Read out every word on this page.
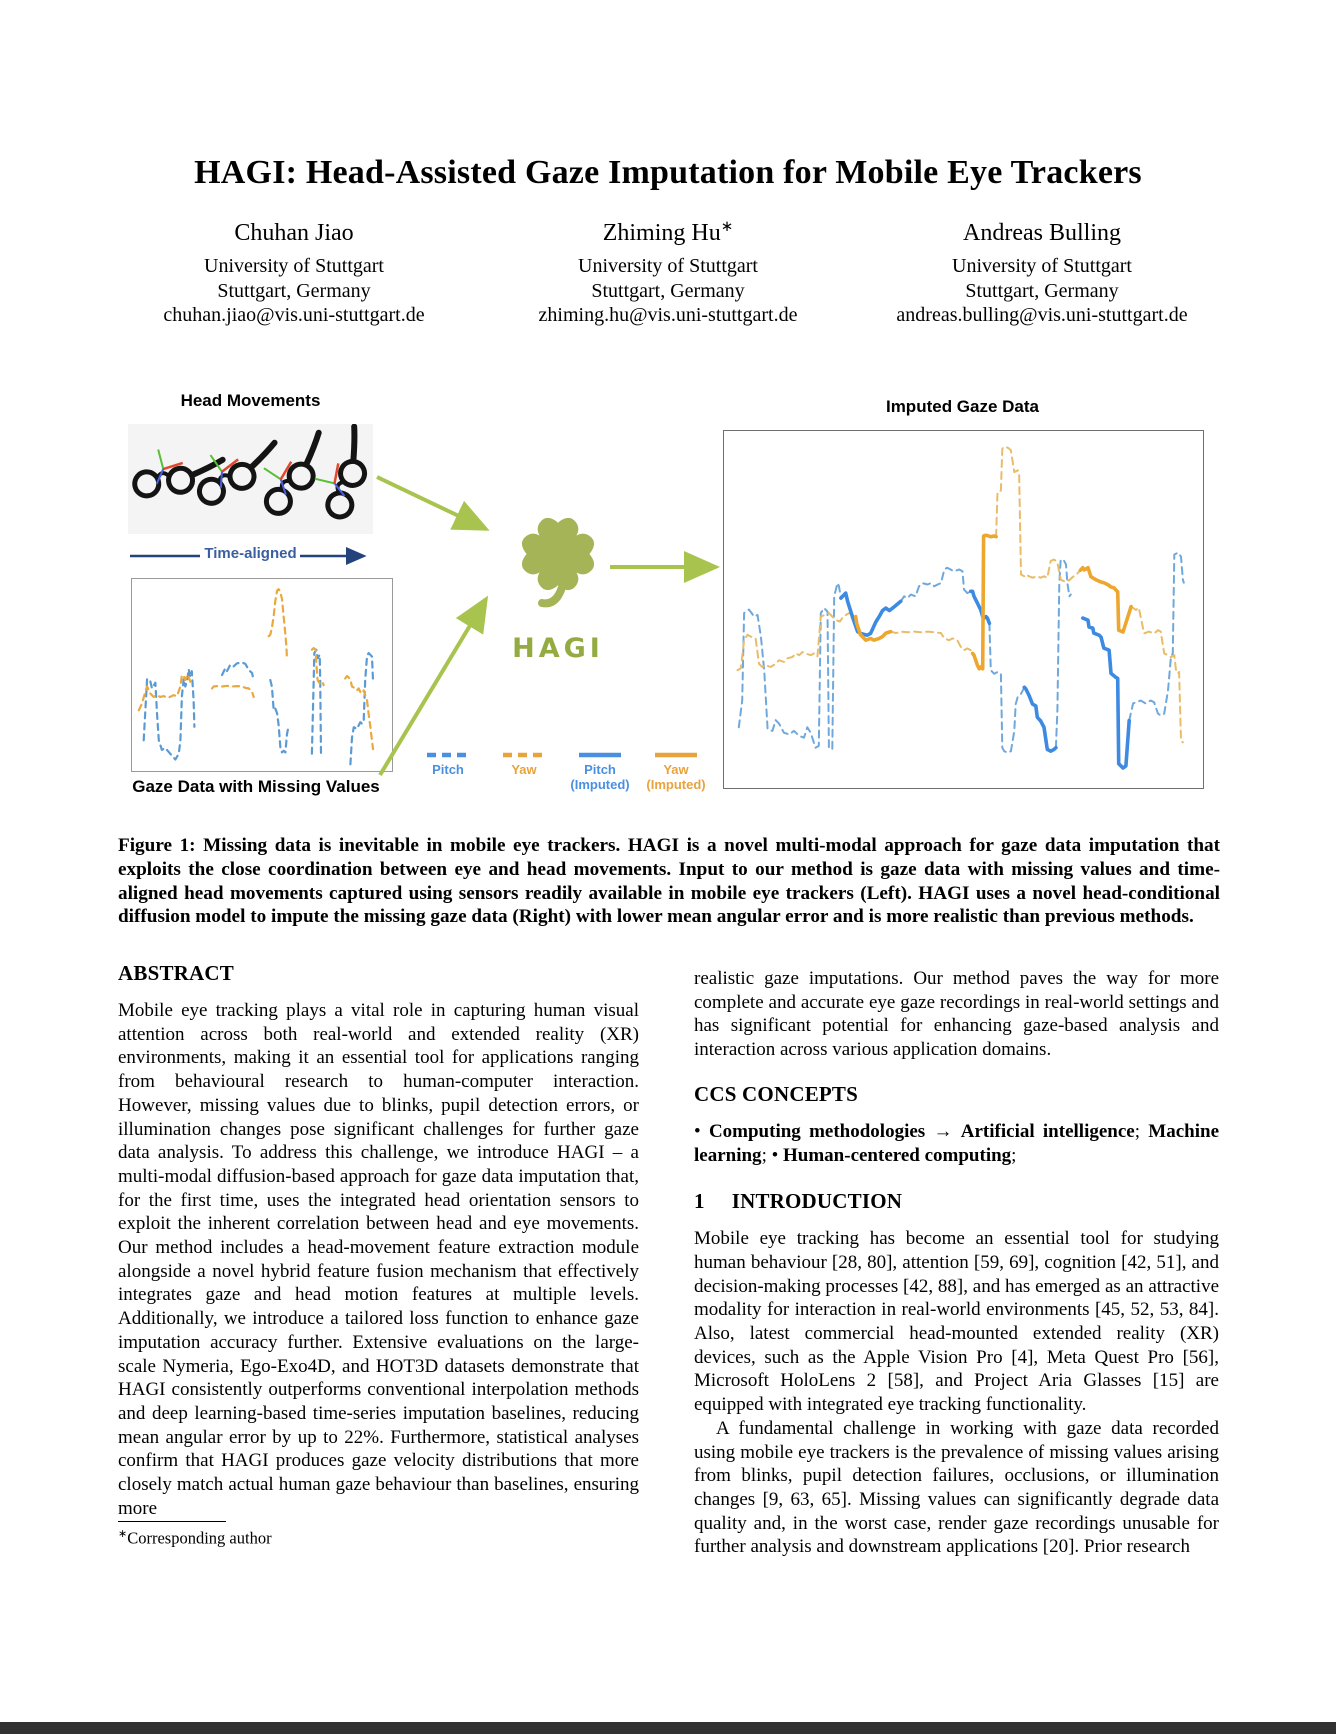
HAGI: Head-Assisted Gaze Imputation for Mobile Eye Trackers
Chuhan Jiao
University of Stuttgart
Stuttgart, Germany
chuhan.jiao@vis.uni-stuttgart.de
Zhiming Hu∗
University of Stuttgart
Stuttgart, Germany
zhiming.hu@vis.uni-stuttgart.de
Andreas Bulling
University of Stuttgart
Stuttgart, Germany
andreas.bulling@vis.uni-stuttgart.de
Head Movements
Time-aligned
Gaze Data with Missing Values
HAGI
Pitch	Yaw	Pitch
(Imputed)
Yaw
(Imputed)
Imputed Gaze Data

Figure 1: Missing data is inevitable in mobile eye trackers. HAGI is a novel multi-modal approach for gaze data imputation that exploits the close coordination between eye and head movements. Input to our method is gaze data with missing values and time-aligned head movements captured using sensors readily available in mobile eye trackers (Left). HAGI uses a novel head-conditional diffusion model to impute the missing gaze data (Right) with lower mean angular error and is more realistic than previous methods.

ABSTRACT

Mobile eye tracking plays a vital role in capturing human visual attention across both real-world and extended reality (XR) environments, making it an essential tool for applications ranging from behavioural research to human-computer interaction. However, missing values due to blinks, pupil detection errors, or illumination changes pose significant challenges for further gaze data analysis. To address this challenge, we introduce HAGI – a multi-modal diffusion-based approach for gaze data imputation that, for the first time, uses the integrated head orientation sensors to exploit the inherent correlation between head and eye movements. Our method includes a head-movement feature extraction module alongside a novel hybrid feature fusion mechanism that effectively integrates gaze and head motion features at multiple levels. Additionally, we introduce a tailored loss function to enhance gaze imputation accuracy further. Extensive evaluations on the large-scale Nymeria, Ego-Exo4D, and HOT3D datasets demonstrate that HAGI consistently outperforms conventional interpolation methods and deep learning-based time-series imputation baselines, reducing mean angular error by up to 22%. Furthermore, statistical analyses confirm that HAGI produces gaze velocity distributions that more closely match actual human gaze behaviour than baselines, ensuring more

realistic gaze imputations. Our method paves the way for more complete and accurate eye gaze recordings in real-world settings and has significant potential for enhancing gaze-based analysis and interaction across various application domains.

CCS CONCEPTS

• Computing methodologies → Artificial intelligence; Machine learning; • Human-centered computing;

1 INTRODUCTION

Mobile eye tracking has become an essential tool for studying human behaviour [28, 80], attention [59, 69], cognition [42, 51], and decision-making processes [42, 88], and has emerged as an attractive modality for interaction in real-world environments [45, 52, 53, 84]. Also, latest commercial head-mounted extended reality (XR) devices, such as the Apple Vision Pro [4], Meta Quest Pro [56], Microsoft HoloLens 2 [58], and Project Aria Glasses [15] are equipped with integrated eye tracking functionality.

A fundamental challenge in working with gaze data recorded using mobile eye trackers is the prevalence of missing values arising from blinks, pupil detection failures, occlusions, or illumination changes [9, 63, 65]. Missing values can significantly degrade data quality and, in the worst case, render gaze recordings unusable for further analysis and downstream applications [20]. Prior research

∗Corresponding author
